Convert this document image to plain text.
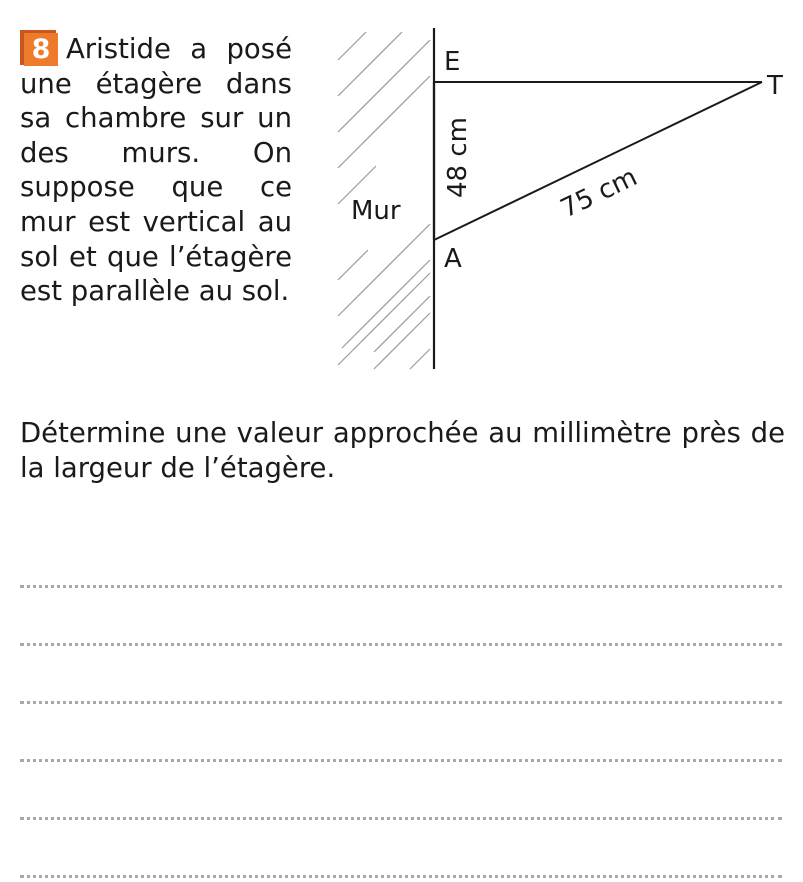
8 Aristide a posé une étagère dans sa chambre sur un des murs. On suppose que ce mur est vertical au sol et que l’étagère est parallèle au sol.

Mur
E
T
A
48 cm	75 cm

Détermine une valeur approchée au millimètre près de la largeur de l’étagère.
